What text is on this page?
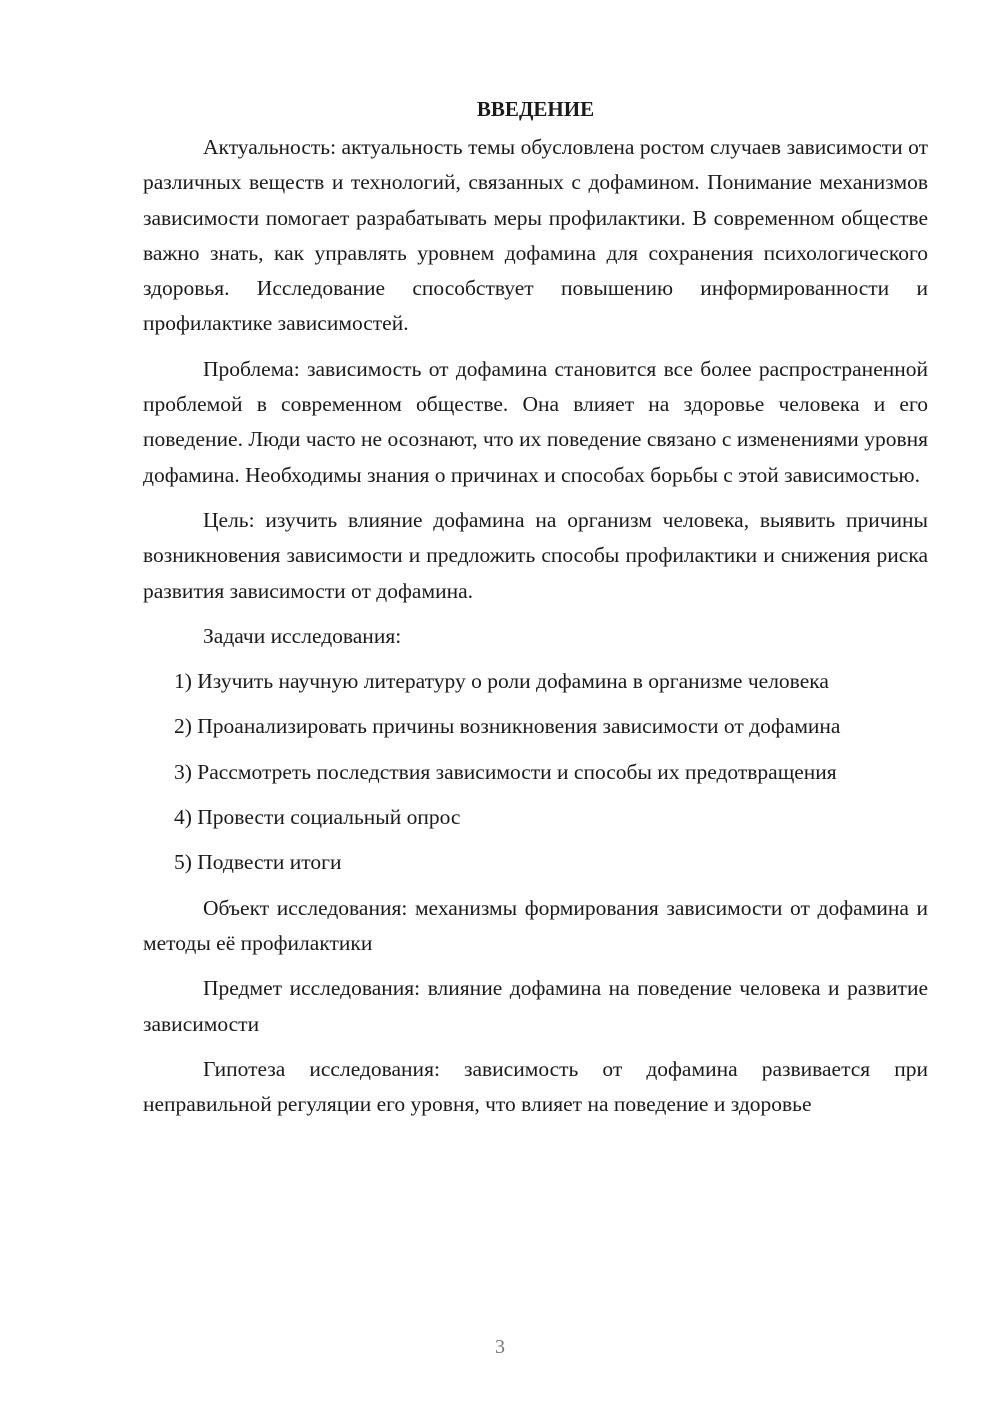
ВВЕДЕНИЕ

Актуальность: актуальность темы обусловлена ростом случаев зависимости от различных веществ и технологий, связанных с дофамином. Понимание механизмов зависимости помогает разрабатывать меры профилактики. В современном обществе важно знать, как управлять уровнем дофамина для сохранения психологического здоровья. Исследование способствует повышению информированности и профилактике зависимостей.

Проблема: зависимость от дофамина становится все более распространенной проблемой в современном обществе. Она влияет на здоровье человека и его поведение. Люди часто не осознают, что их поведение связано с изменениями уровня дофамина. Необходимы знания о причинах и способах борьбы с этой зависимостью.

Цель: изучить влияние дофамина на организм человека, выявить причины возникновения зависимости и предложить способы профилактики и снижения риска развития зависимости от дофамина.

Задачи исследования:

1) Изучить научную литературу о роли дофамина в организме человека

2) Проанализировать причины возникновения зависимости от дофамина

3) Рассмотреть последствия зависимости и способы их предотвращения

4) Провести социальный опрос

5) Подвести итоги

Объект исследования: механизмы формирования зависимости от дофамина и методы её профилактики

Предмет исследования: влияние дофамина на поведение человека и развитие зависимости

Гипотеза исследования: зависимость от дофамина развивается при неправильной регуляции его уровня, что влияет на поведение и здоровье

3
